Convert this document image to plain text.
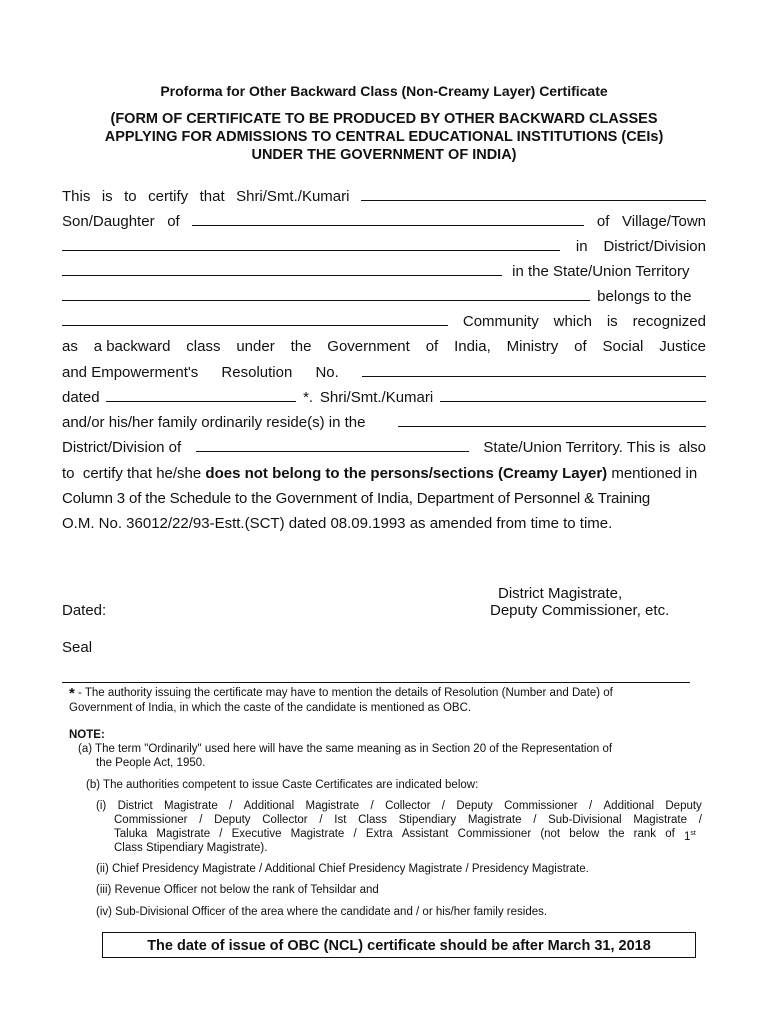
Proforma for Other Backward Class (Non-Creamy Layer) Certificate
(FORM OF CERTIFICATE TO BE PRODUCED BY OTHER BACKWARD CLASSES
APPLYING FOR ADMISSIONS TO CENTRAL EDUCATIONAL INSTITUTIONS (CEIs)
UNDER THE GOVERNMENT OF INDIA)
This is to certify that Shri/Smt./Kumari
Son/Daughter of	of Village/Town
in District/Division
in the State/Union Territory
belongs to the
Community which is recognized
as a backward class under the Government of India, Ministry of Social Justice
and Empowerment's Resolution No.
dated	*. Shri/Smt./Kumari
and/or his/her family ordinarily reside(s) in the
District/Division of	State/Union Territory. This is  also
to  certify that he/she does not belong to the persons/sections (Creamy Layer) mentioned in
Column 3 of the Schedule to the Government of India, Department of Personnel & Training
O.M. No. 36012/22/93-Estt.(SCT) dated 08.09.1993 as amended from time to time.
District Magistrate,
Deputy Commissioner, etc.
Dated:
Seal
* - The authority issuing the certificate may have to mention the details of Resolution (Number and Date) of
Government of India, in which the caste of the candidate is mentioned as OBC.
NOTE:
(a) The term "Ordinarily" used here will have the same meaning as in Section 20 of the Representation of
the People Act, 1950.
(b) The authorities competent to issue Caste Certificates are indicated below:
(i) District Magistrate / Additional Magistrate / Collector / Deputy Commissioner / Additional Deputy
Commissioner / Deputy Collector / Ist Class Stipendiary Magistrate / Sub-Divisional Magistrate /
Taluka Magistrate / Executive Magistrate / Extra Assistant Commissioner (not below the rank of 1st
Class Stipendiary Magistrate).
(ii) Chief Presidency Magistrate / Additional Chief Presidency Magistrate / Presidency Magistrate.
(iii) Revenue Officer not below the rank of Tehsildar and
(iv) Sub-Divisional Officer of the area where the candidate and / or his/her family resides.
The date of issue of OBC (NCL) certificate should be after March 31, 2018
